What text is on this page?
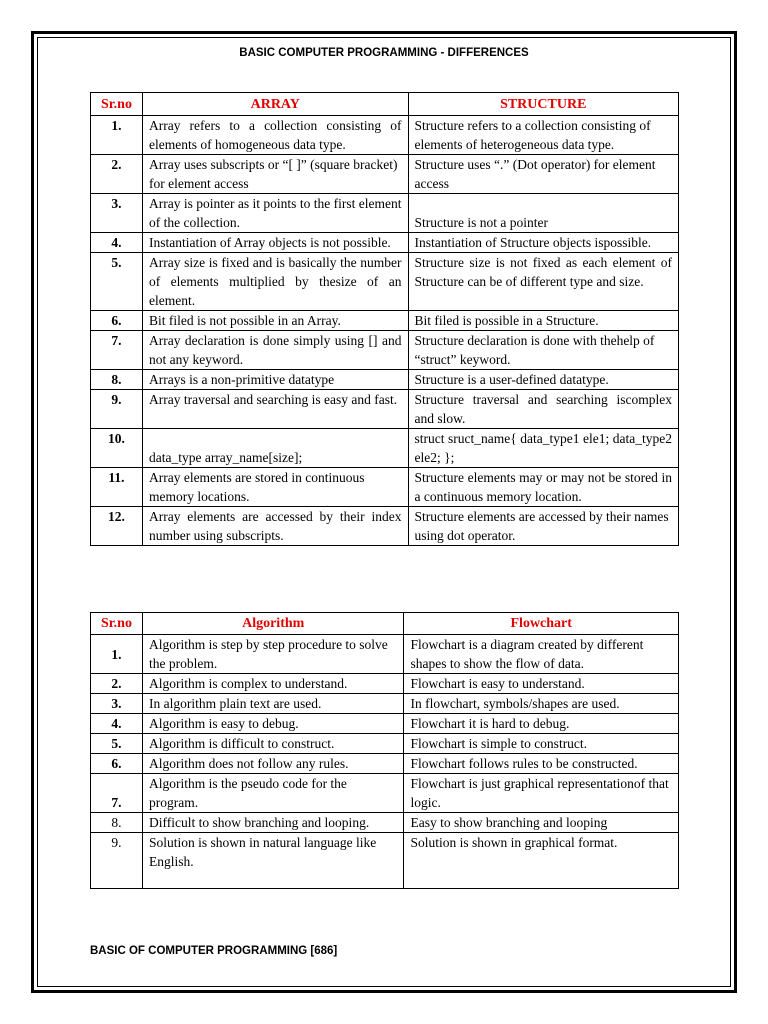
BASIC COMPUTER PROGRAMMING - DIFFERENCES
Sr.no	ARRAY	STRUCTURE
1.	Array refers to a collection consisting of elements of homogeneous data type.	Structure refers to a collection consisting of elements of heterogeneous data type.
2.	Array uses subscripts or “[ ]” (square bracket) for element access	Structure uses “.” (Dot operator) for element access
3.	Array is pointer as it points to the first element of the collection.	Structure is not a pointer
4.	Instantiation of Array objects is not possible.	Instantiation of Structure objects ispossible.
5.	Array size is fixed and is basically the number of elements multiplied by thesize of an element.	Structure size is not fixed as each element of Structure can be of different type and size.
6.	Bit filed is not possible in an Array.	Bit filed is possible in a Structure.
7.	Array declaration is done simply using [] and not any keyword.	Structure declaration is done with thehelp of “struct” keyword.
8.	Arrays is a non-primitive datatype	Structure is a user-defined datatype.
9.	Array traversal and searching is easy and fast.	Structure traversal and searching iscomplex and slow.
10.	data_type array_name[size];	struct sruct_name{ data_type1 ele1; data_type2 ele2; };
11.	Array elements are stored in continuous memory locations.	Structure elements may or may not be stored in a continuous memory location.
12.	Array elements are accessed by their index number using subscripts.	Structure elements are accessed by their names using dot operator.
Sr.no	Algorithm	Flowchart
1.	Algorithm is step by step procedure to solve the problem.	Flowchart is a diagram created by different shapes to show the flow of data.
2.	Algorithm is complex to understand.	Flowchart is easy to understand.
3.	In algorithm plain text are used.	In flowchart, symbols/shapes are used.
4.	Algorithm is easy to debug.	Flowchart it is hard to debug.
5.	Algorithm is difficult to construct.	Flowchart is simple to construct.
6.	Algorithm does not follow any rules.	Flowchart follows rules to be constructed.
7.	Algorithm is the pseudo code for the program.	Flowchart is just graphical representationof that logic.
8.	Difficult to show branching and looping.	Easy to show branching and looping
9.	Solution is shown in natural language like English.	Solution is shown in graphical format.
BASIC OF COMPUTER PROGRAMMING [686]
